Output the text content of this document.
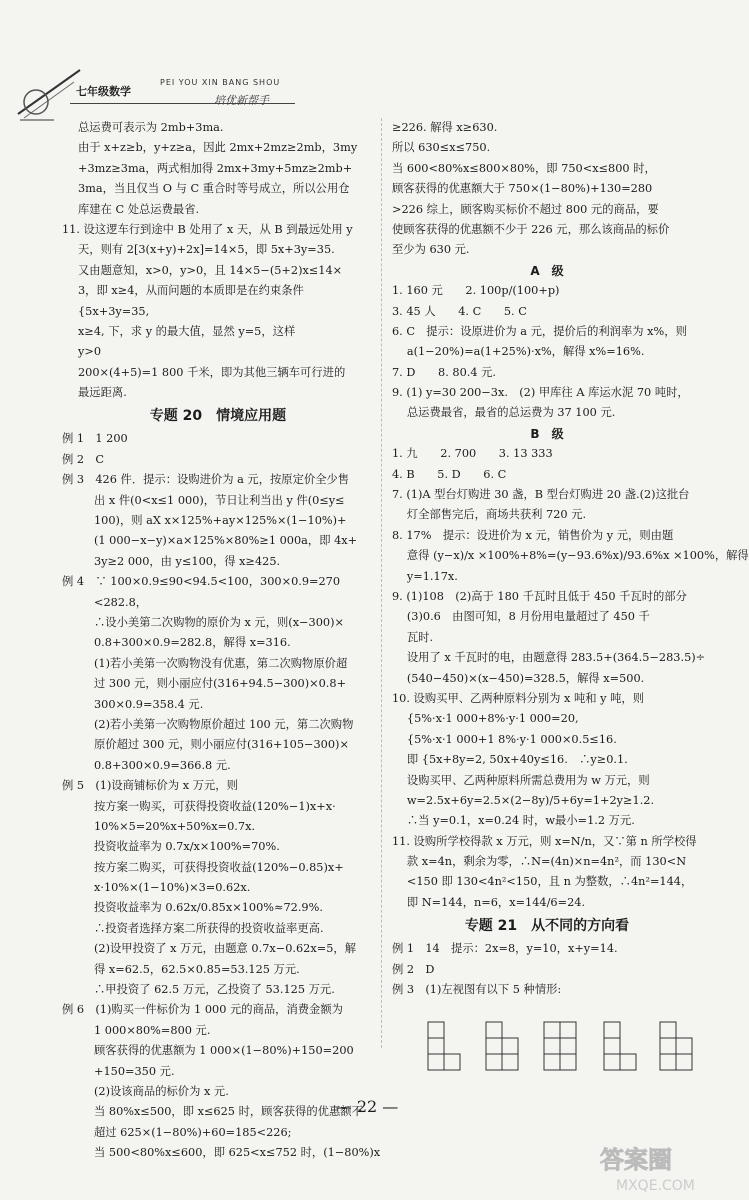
七年级数学
PEI YOU XIN BANG SHOU
培优新帮手
总运费可表示为 2mb+3ma.
由于 x+z≥b，y+z≥a，因此 2mx+2mz≥2mb，3my
+3mz≥3ma，两式相加得 2mx+3my+5mz≥2mb+
3ma，当且仅当 O 与 C 重合时等号成立，所以公用仓
库建在 C 处总运费最省.
11. 设这逻车行到途中 B 处用了 x 天，从 B 到最远处用 y
天，则有 2[3(x+y)+2x]=14×5，即 5x+3y=35.
又由题意知，x>0，y>0，且 14×5−(5+2)x≤14×
3，即 x≥4，从而问题的本质即是在约束条件
{5x+3y=35,
x≥4, 下，求 y 的最大值，显然 y=5，这样
y>0
200×(4+5)=1 800 千米，即为其他三辆车可行进的
最远距离.
专题 20　情境应用题
例 1　1 200
例 2　C
例 3　426 件．提示：设购进价为 a 元，按原定价全少售
出 x 件(0<x≤1 000)，节日让利当出 y 件(0≤y≤
100)，则 aX x×125%+ay×125%×(1−10%)+
(1 000−x−y)×a×125%×80%≥1 000a，即 4x+
3y≥2 000，由 y≤100，得 x≥425.
例 4　∵ 100×0.9≤90<94.5<100，300×0.9=270
<282.8，
∴设小美第二次购物的原价为 x 元，则(x−300)×
0.8+300×0.9=282.8，解得 x=316.
(1)若小美第一次购物没有优惠，第二次购物原价超
过 300 元，则小丽应付(316+94.5−300)×0.8+
300×0.9=358.4 元.
(2)若小美第一次购物原价超过 100 元，第二次购物
原价超过 300 元，则小丽应付(316+105−300)×
0.8+300×0.9=366.8 元.
例 5　(1)设商铺标价为 x 万元，则
按方案一购买，可获得投资收益(120%−1)x+x·
10%×5=20%x+50%x=0.7x.
投资收益率为 0.7x/x×100%=70%.
按方案二购买，可获得投资收益(120%−0.85)x+
x·10%×(1−10%)×3=0.62x.
投资收益率为 0.62x/0.85x×100%≈72.9%.
∴投资者选择方案二所获得的投资收益率更高.
(2)设甲投资了 x 万元，由题意 0.7x−0.62x=5，解
得 x=62.5，62.5×0.85=53.125 万元.
∴甲投资了 62.5 万元，乙投资了 53.125 万元.
例 6　(1)购买一件标价为 1 000 元的商品，消费金额为
1 000×80%=800 元.
顾客获得的优惠额为 1 000×(1−80%)+150=200
+150=350 元.
(2)设该商品的标价为 x 元.
当 80%x≤500，即 x≤625 时，顾客获得的优惠额不
超过 625×(1−80%)+60=185<226;
当 500<80%x≤600，即 625<x≤752 时，(1−80%)x
≥226. 解得 x≥630.
所以 630≤x≤750.
当 600<80%x≤800×80%，即 750<x≤800 时，
顾客获得的优惠额大于 750×(1−80%)+130=280
>226 综上，顾客购买标价不超过 800 元的商品，要
使顾客获得的优惠额不少于 226 元，那么该商品的标价
至少为 630 元.
A　级
1. 160 元　　2. 100p/(100+p)
3. 45 人　　4. C　　5. C
6. C　提示：设原进价为 a 元，提价后的利润率为 x%，则
　 a(1−20%)=a(1+25%)·x%，解得 x%=16%.
7. D　　8. 80.4 元.
9. (1) y=30 200−3x.　(2) 甲库往 A 库运水泥 70 吨时，
　 总运费最省，最省的总运费为 37 100 元.
B　级
1. 九　　2. 700　　3. 13 333
4. B　　5. D　　6. C
7. (1)A 型台灯购进 30 盏，B 型台灯购进 20 盏.(2)这批台
　 灯全部售完后，商场共获利 720 元.
8. 17%　提示：设进价为 x 元，销售价为 y 元，则由题
　 意得 (y−x)/x ×100%+8%=(y−93.6%x)/93.6%x ×100%，解得
　 y=1.17x.
9. (1)108　(2)高于 180 千瓦时且低于 450 千瓦时的部分
　 (3)0.6　由图可知，8 月份用电量超过了 450 千
　 瓦时.
　 设用了 x 千瓦时的电，由题意得 283.5+(364.5−283.5)÷
　 (540−450)×(x−450)=328.5，解得 x=500.
10. 设购买甲、乙两种原料分别为 x 吨和 y 吨，则
　 {5%·x·1 000+8%·y·1 000=20,
　 {5%·x·1 000+1 8%·y·1 000×0.5≤16.
　 即 {5x+8y=2, 50x+40y≤16.　∴y≥0.1.
　 设购买甲、乙两种原料所需总费用为 w 万元，则
　 w=2.5x+6y=2.5×(2−8y)/5+6y=1+2y≥1.2.
　 ∴当 y=0.1，x=0.24 时，w最小=1.2 万元.
11. 设购所学校得款 x 万元，则 x=N/n，又∵第 n 所学校得
　 款 x=4n，剩余为零，∴N=(4n)×n=4n²，而 130<N
　 <150 即 130<4n²<150，且 n 为整数，∴4n²=144，
　 即 N=144，n=6，x=144/6=24.
专题 21　从不同的方向看
例 1　14　提示：2x=8，y=10，x+y=14.
例 2　D
例 3　(1)左视图有以下 5 种情形:
— 22 —
答案圈
MXQE.COM
